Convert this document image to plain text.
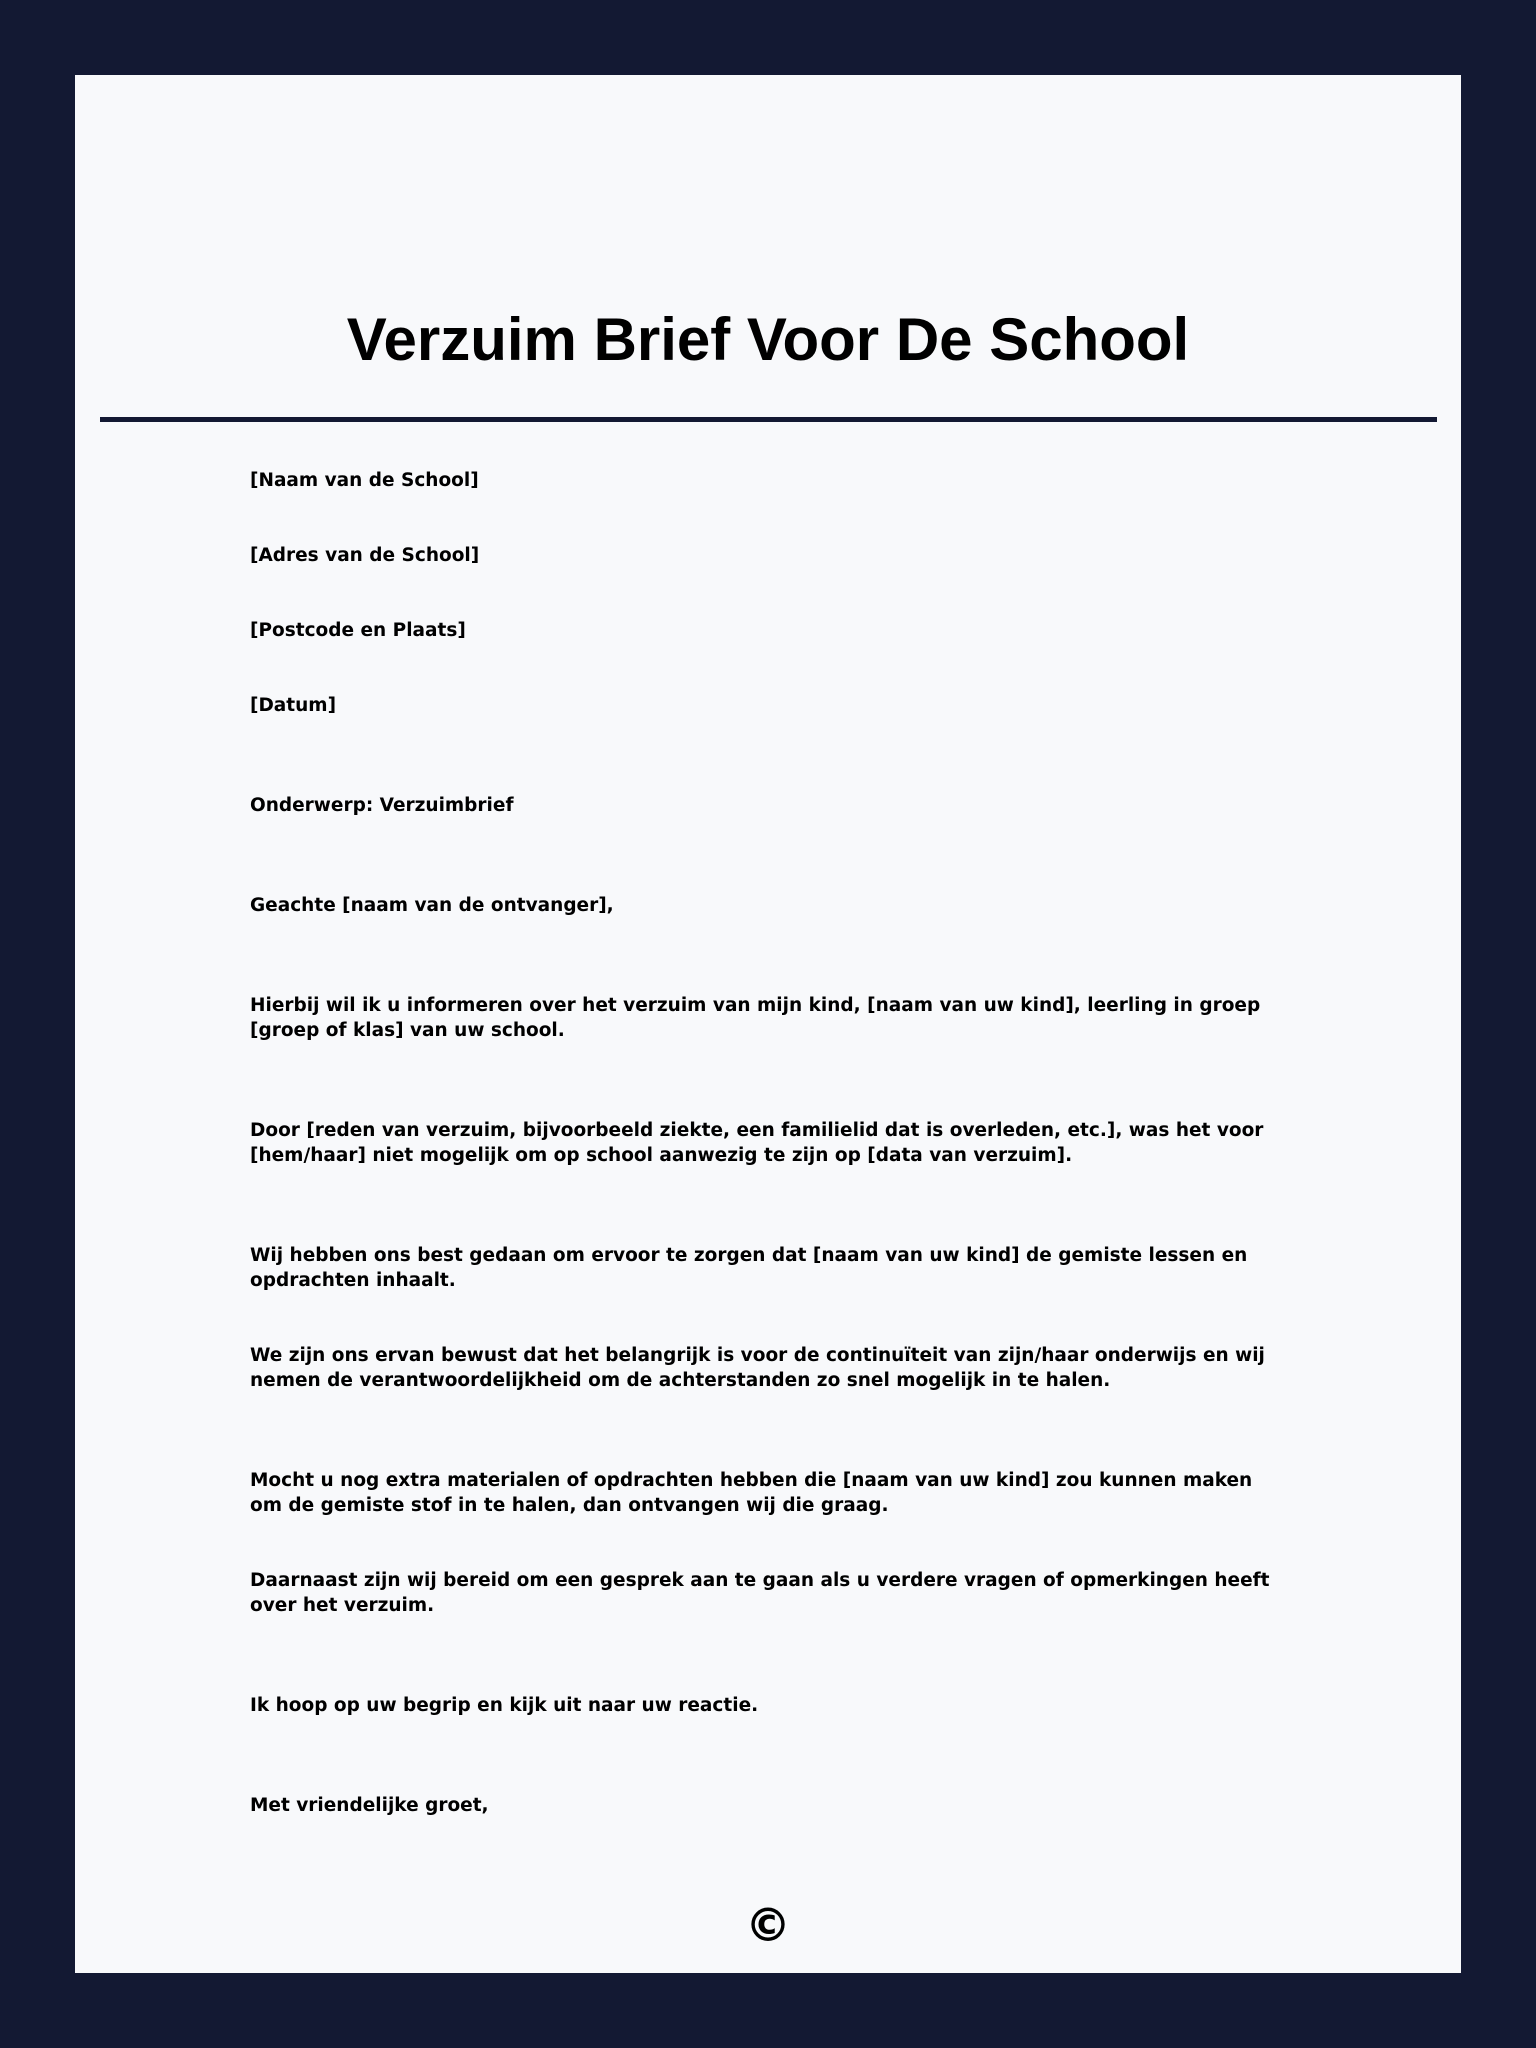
Verzuim Brief Voor De School

[Naam van de School]

[Adres van de School]

[Postcode en Plaats]

[Datum]

Onderwerp: Verzuimbrief

Geachte [naam van de ontvanger],

Hierbij wil ik u informeren over het verzuim van mijn kind, [naam van uw kind], leerling in groep [groep of klas] van uw school.

Door [reden van verzuim, bijvoorbeeld ziekte, een familielid dat is overleden, etc.], was het voor [hem/haar] niet mogelijk om op school aanwezig te zijn op [data van verzuim].

Wij hebben ons best gedaan om ervoor te zorgen dat [naam van uw kind] de gemiste lessen en opdrachten inhaalt.

We zijn ons ervan bewust dat het belangrijk is voor de continuïteit van zijn/haar onderwijs en wij nemen de verantwoordelijkheid om de achterstanden zo snel mogelijk in te halen.

Mocht u nog extra materialen of opdrachten hebben die [naam van uw kind] zou kunnen maken om de gemiste stof in te halen, dan ontvangen wij die graag.

Daarnaast zijn wij bereid om een gesprek aan te gaan als u verdere vragen of opmerkingen heeft over het verzuim.

Ik hoop op uw begrip en kijk uit naar uw reactie.

Met vriendelijke groet,

©
